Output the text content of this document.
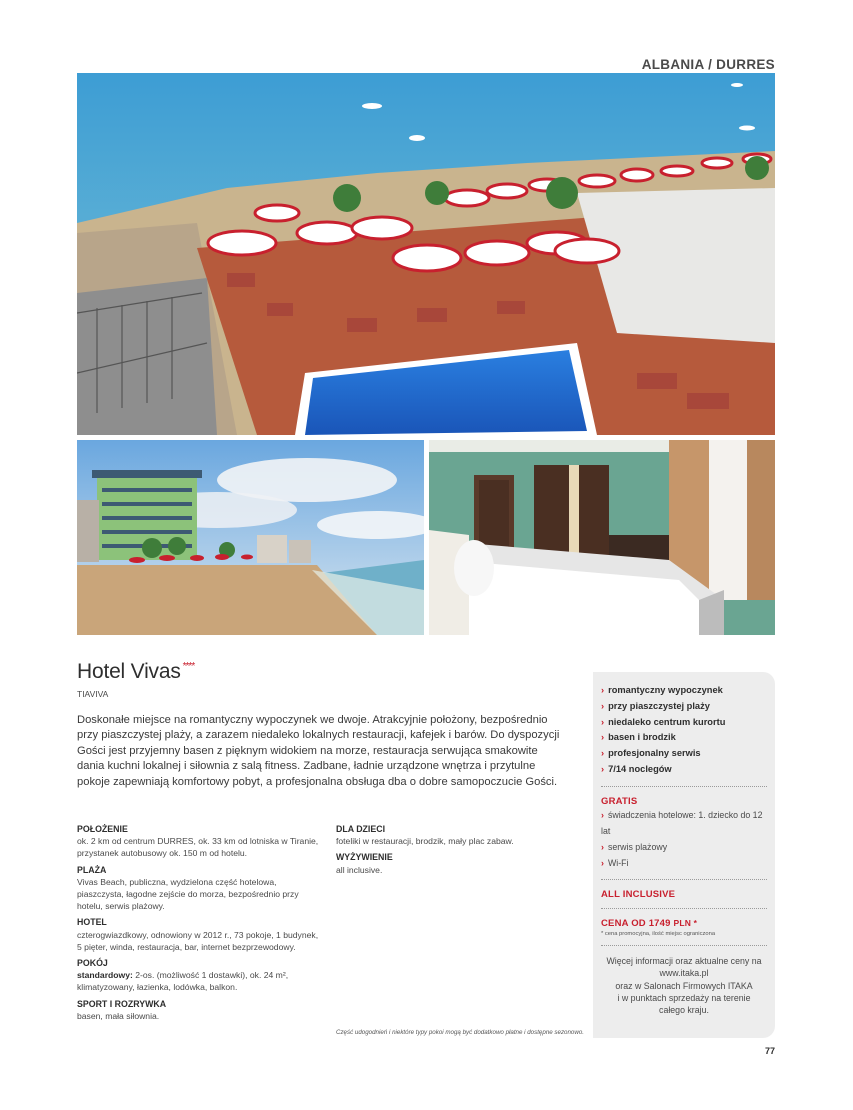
ALBANIA / DURRES
Hotel Vivas ****
TIAVIVA
Doskonałe miejsce na romantyczny wypoczynek we dwoje. Atrakcyjnie położony, bezpośrednio przy piaszczystej plaży, a zarazem niedaleko lokalnych restauracji, kafejek i barów. Do dyspozycji Gości jest przyjemny basen z pięknym widokiem na morze, restauracja serwująca smakowite dania kuchni lokalnej i siłownia z salą fitness. Zadbane, ładnie urządzone wnętrza i przytulne pokoje zapewniają komfortowy pobyt, a profesjonalna obsługa dba o dobre samopoczucie Gości.
POŁOŻENIE

ok. 2 km od centrum DURRES, ok. 33 km od lotniska w Tiranie, przystanek autobusowy ok. 150 m od hotelu.

PLAŻA

Vivas Beach, publiczna, wydzielona część hotelowa, piaszczysta, łagodne zejście do morza, bezpośrednio przy hotelu, serwis plażowy.

HOTEL

czterogwiazdkowy, odnowiony w 2012 r., 73 pokoje, 1 budynek, 5 pięter, winda, restauracja, bar, internet bezprzewodowy.

POKÓJ

standardowy: 2-os. (możliwość 1 dostawki), ok. 24 m², klimatyzowany, łazienka, lodówka, balkon.

SPORT I ROZRYWKA

basen, mała siłownia.

DLA DZIECI

foteliki w restauracji, brodzik, mały plac zabaw.

WYŻYWIENIE

all inclusive.

Część udogodnień i niektóre typy pokoi mogą być dodatkowo płatne i dostępne sezonowo.
› romantyczny wypoczynek
› przy piaszczystej plaży
› niedaleko centrum kurortu
› basen i brodzik
› profesjonalny serwis
› 7/14 noclegów
GRATIS
› świadczenia hotelowe: 1. dziecko do 12 lat
› serwis plażowy
› Wi-Fi
ALL INCLUSIVE
CENA OD 1749 PLN *
* cena promocyjna, ilość miejsc ograniczona
Więcej informacji oraz aktualne ceny na
www.itaka.pl
oraz w Salonach Firmowych ITAKA
i w punktach sprzedaży na terenie
całego kraju.
77
